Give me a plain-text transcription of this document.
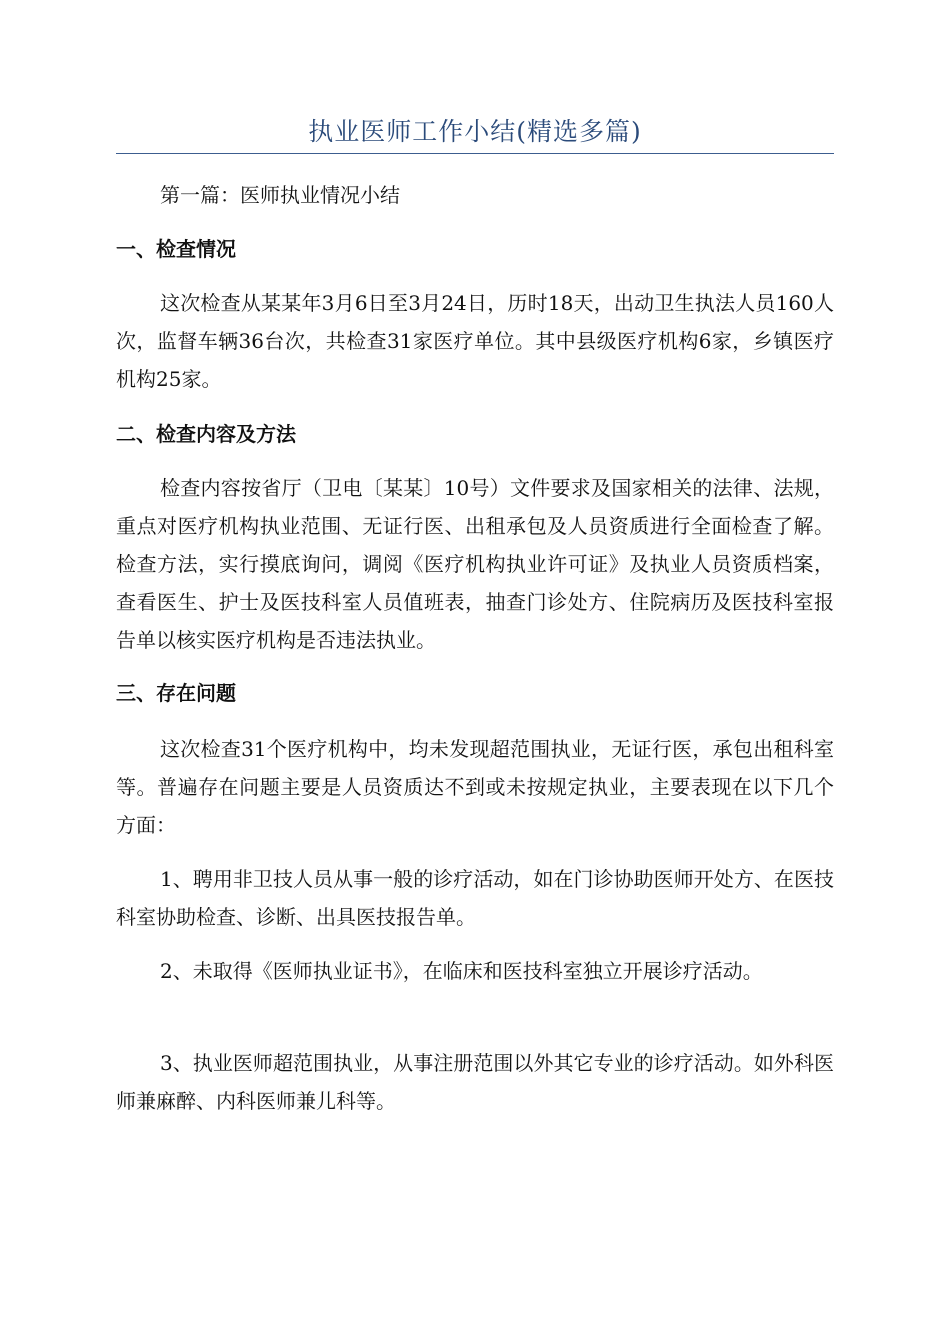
执业医师工作小结(精选多篇)

第一篇：医师执业情况小结

一、检查情况

这次检查从某某年3月6日至3月24日，历时18天，出动卫生执法人员160人次，监督车辆36台次，共检查31家医疗单位。其中县级医疗机构6家，乡镇医疗机构25家。

二、检查内容及方法

检查内容按省厅（卫电〔某某〕10号）文件要求及国家相关的法律、法规，重点对医疗机构执业范围、无证行医、出租承包及人员资质进行全面检查了解。检查方法，实行摸底询问，调阅《医疗机构执业许可证》及执业人员资质档案，查看医生、护士及医技科室人员值班表，抽查门诊处方、住院病历及医技科室报告单以核实医疗机构是否违法执业。

三、存在问题

这次检查31个医疗机构中，均未发现超范围执业，无证行医，承包出租科室等。普遍存在问题主要是人员资质达不到或未按规定执业，主要表现在以下几个方面：

1、聘用非卫技人员从事一般的诊疗活动，如在门诊协助医师开处方、在医技科室协助检查、诊断、出具医技报告单。

2、未取得《医师执业证书》，在临床和医技科室独立开展诊疗活动。

3、执业医师超范围执业，从事注册范围以外其它专业的诊疗活动。如外科医师兼麻醉、内科医师兼儿科等。
